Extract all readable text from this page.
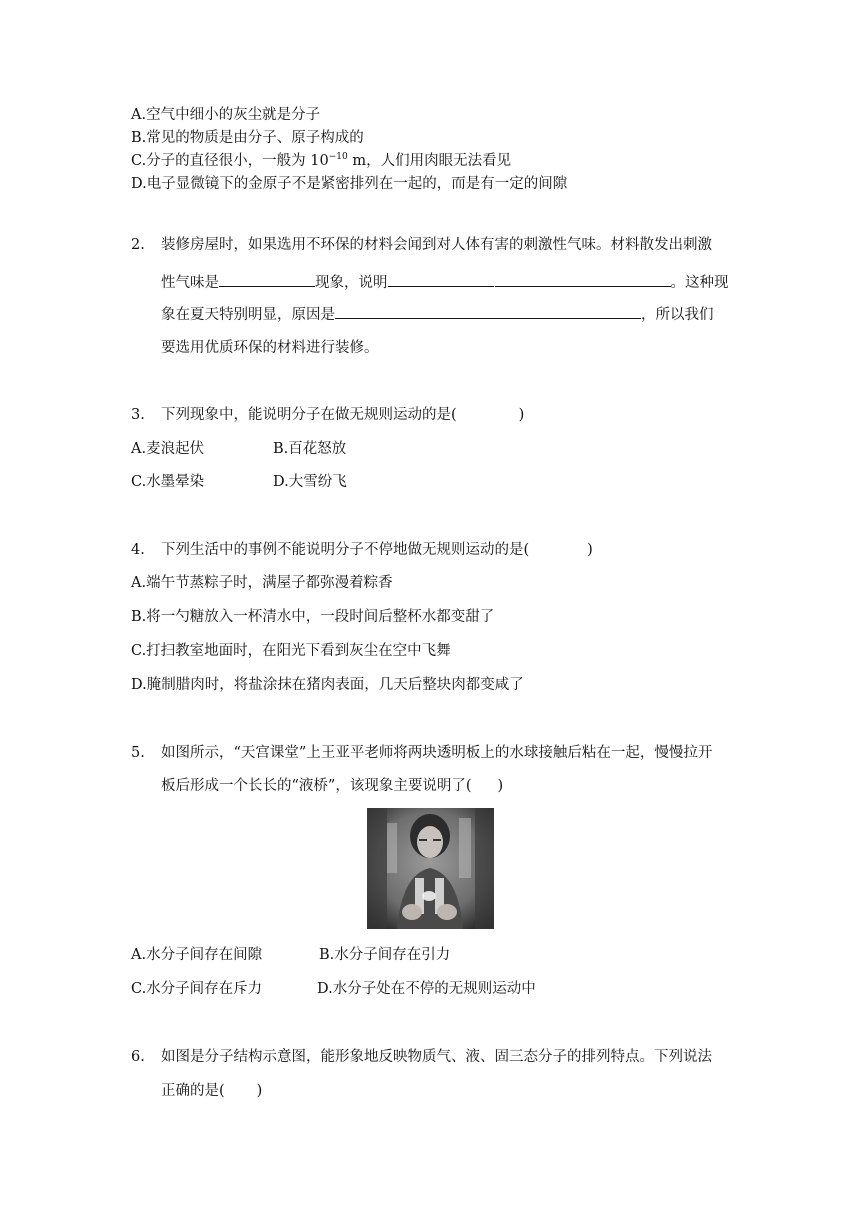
A.空气中细小的灰尘就是分子
B.常见的物质是由分子、原子构成的
C.分子的直径很小，一般为 $10^{-10}$ m，人们用肉眼无法看见
D.电子显微镜下的金原子不是紧密排列在一起的，而是有一定的间隙
2. 装修房屋时，如果选用不环保的材料会闻到对人体有害的刺激性气味。材料散发出刺激
性气味是	现象，说明	。这种现
象在夏天特别明显，原因是	，所以我们
要选用优质环保的材料进行装修。
3. 下列现象中，能说明分子在做无规则运动的是(	)
A.麦浪起伏	B.百花怒放
C.水墨晕染	D.大雪纷飞
4. 下列生活中的事例不能说明分子不停地做无规则运动的是(	)
A.端午节蒸粽子时，满屋子都弥漫着粽香
B.将一勺糖放入一杯清水中，一段时间后整杯水都变甜了
C.打扫教室地面时，在阳光下看到灰尘在空中飞舞
D.腌制腊肉时，将盐涂抹在猪肉表面，几天后整块肉都变咸了
5. 如图所示，“天宫课堂”上王亚平老师将两块透明板上的水球接触后粘在一起，慢慢拉开
板后形成一个长长的“液桥”，该现象主要说明了( )
A.水分子间存在间隙	B.水分子间存在引力
C.水分子间存在斥力	D.水分子处在不停的无规则运动中
6. 如图是分子结构示意图，能形象地反映物质气、液、固三态分子的排列特点。下列说法
正确的是( )
